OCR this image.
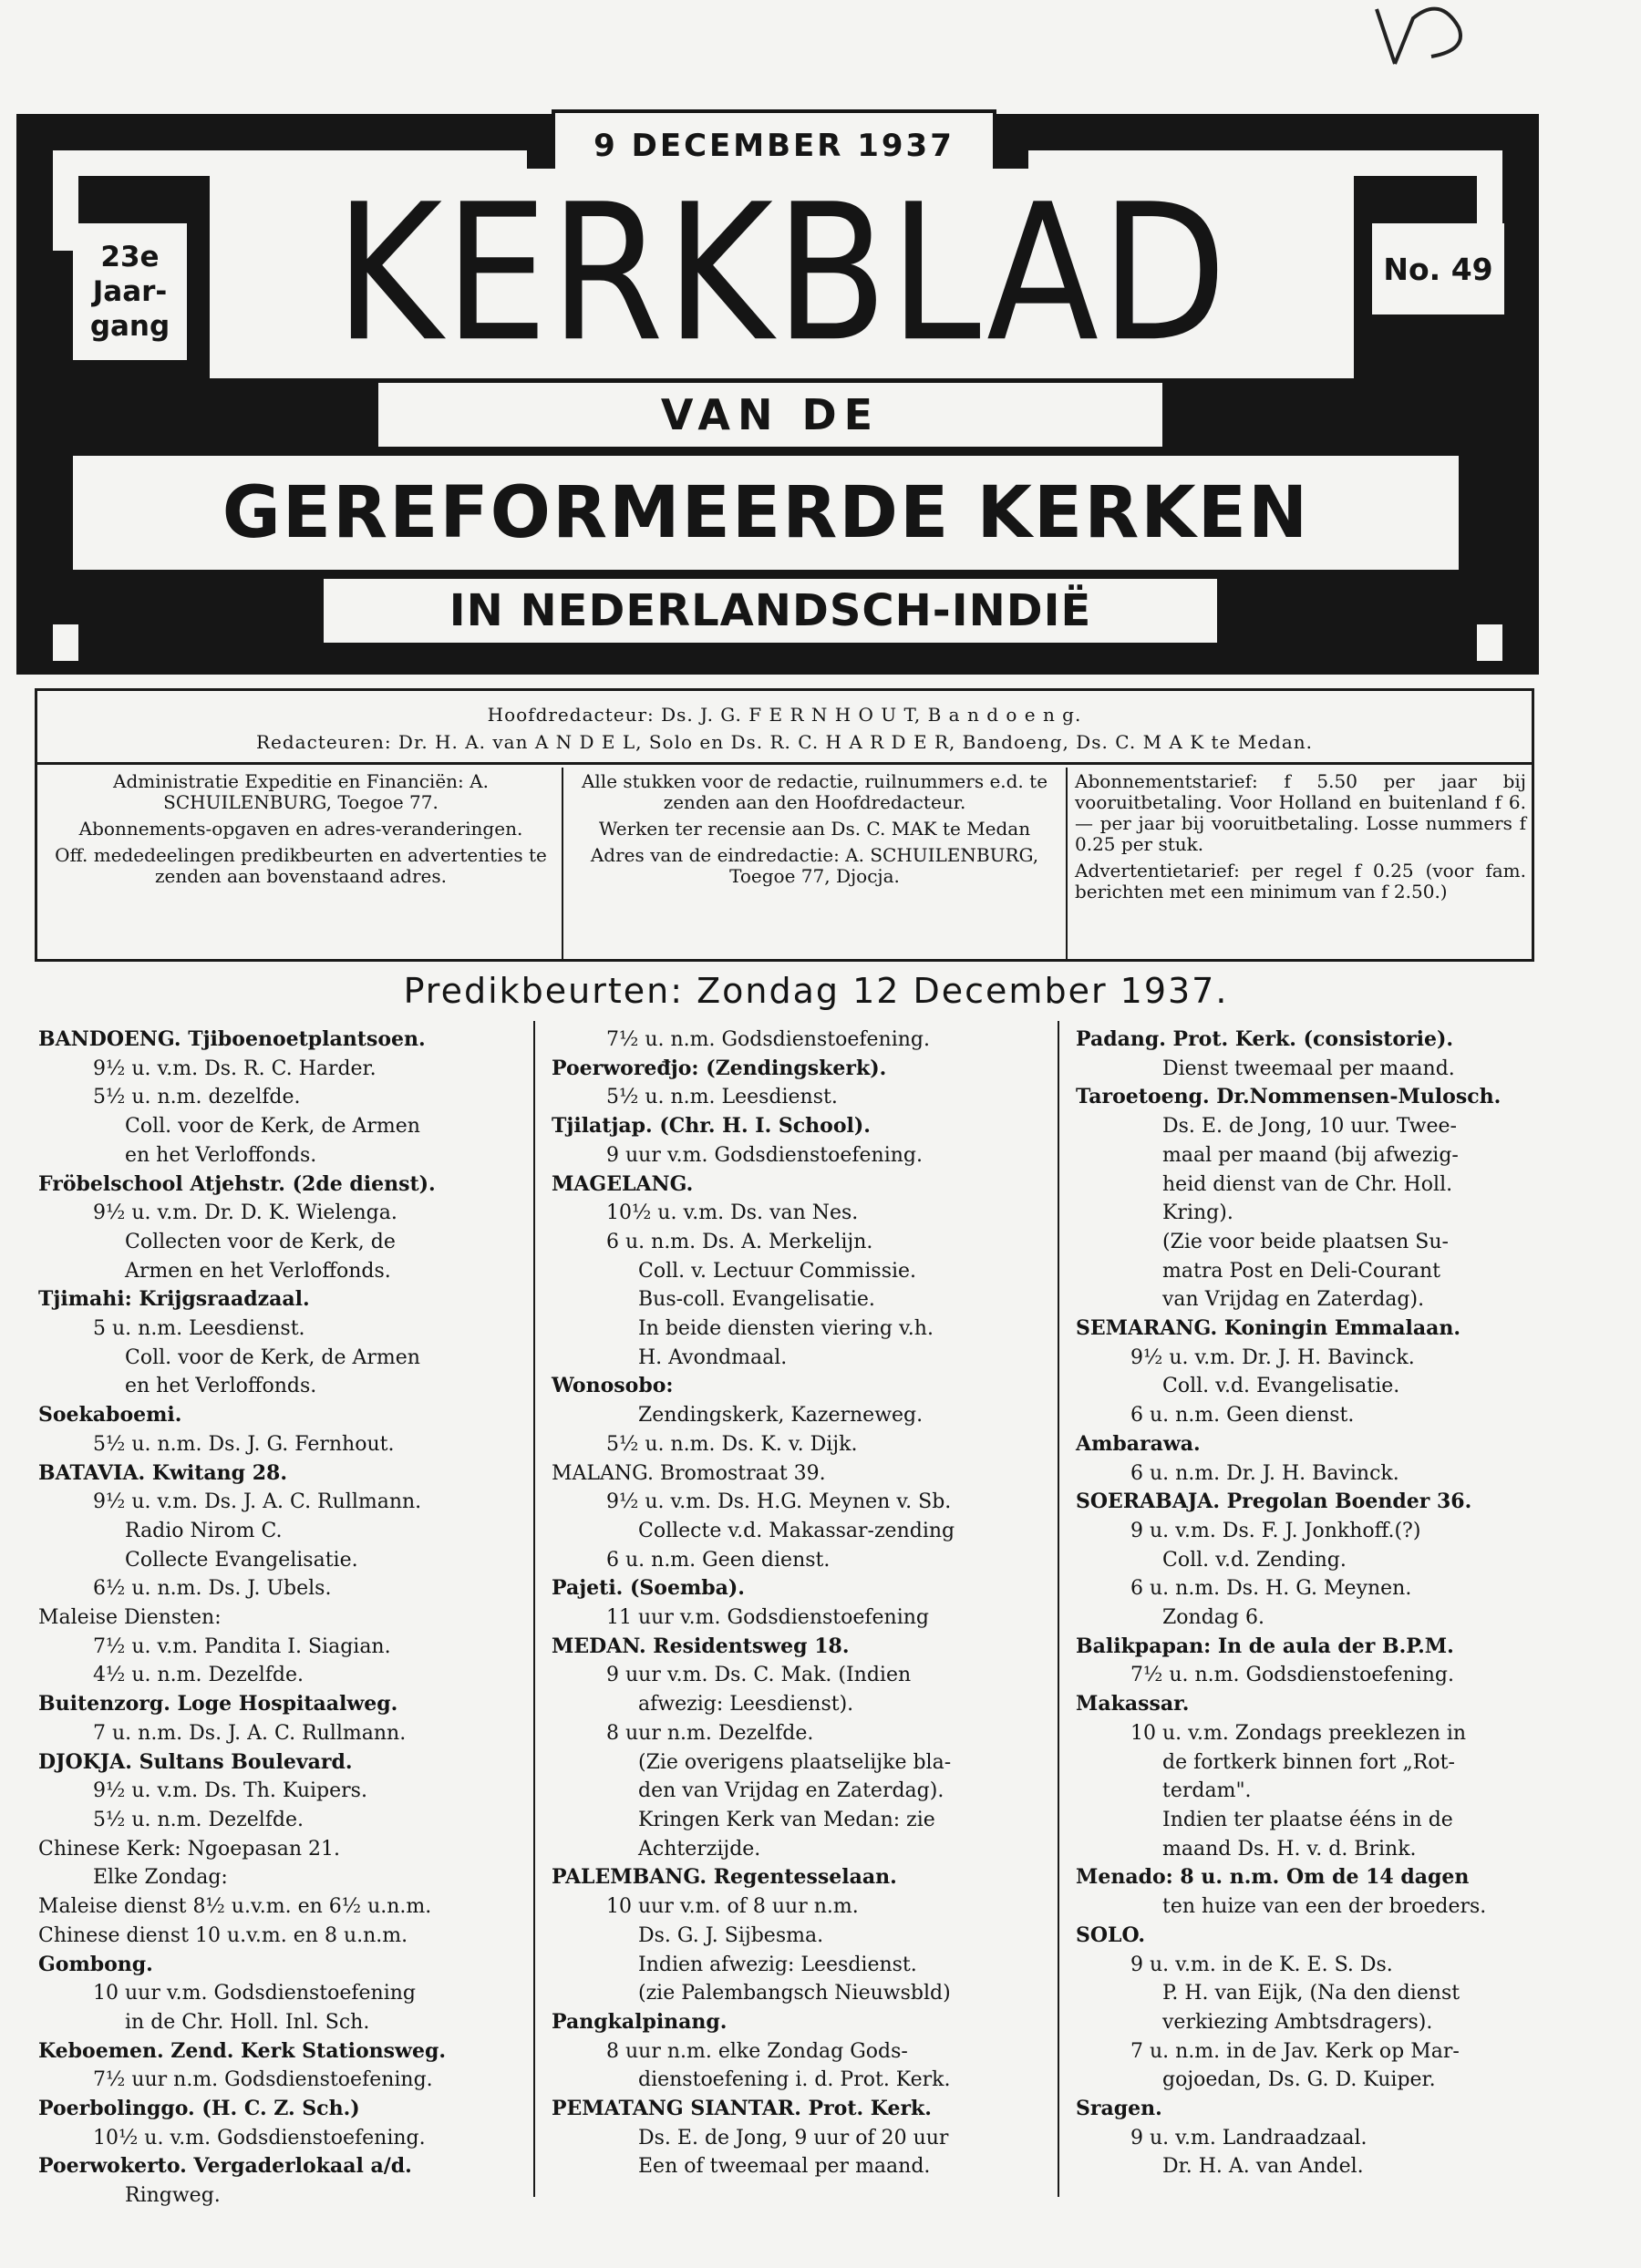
9 DECEMBER 1937
23e
Jaar-
gang
No. 49
KERKBLAD
VAN DE
GEREFORMEERDE KERKEN
IN NEDERLANDSCH-INDIË
Hoofdredacteur: Ds. J. G. F E R N H O U T, B a n d o e n g.
Redacteuren: Dr. H. A. van A N D E L, Solo en Ds. R. C. H A R D E R, Bandoeng, Ds. C. M A K te Medan.

Administratie Expeditie en Financiën: A. SCHUILENBURG, Toegoe 77.

Abonnements-opgaven en adres-veranderingen.

Off. mededeelingen predikbeurten en advertenties te zenden aan bovenstaand adres.

Alle stukken voor de redactie, ruilnummers e.d. te zenden aan den Hoofdredacteur.

Werken ter recensie aan Ds. C. MAK te Medan

Adres van de eindredactie: A. SCHUILENBURG, Toegoe 77, Djocja.

Abonnementstarief: f 5.50 per jaar bij vooruitbetaling. Voor Holland en buitenland f 6.— per jaar bij vooruitbetaling. Losse nummers f 0.25 per stuk.

Advertentietarief: per regel f 0.25 (voor fam. berichten met een minimum van f 2.50.)

Predikbeurten: Zondag 12 December 1937.
BANDOENG. Tjiboenoetplantsoen.
9½ u. v.m. Ds. R. C. Harder.
5½ u. n.m. dezelfde.
Coll. voor de Kerk, de Armen
en het Verloffonds.
Fröbelschool Atjehstr. (2de dienst).
9½ u. v.m. Dr. D. K. Wielenga.
Collecten voor de Kerk, de
Armen en het Verloffonds.
Tjimahi: Krijgsraadzaal.
5 u. n.m. Leesdienst.
Coll. voor de Kerk, de Armen
en het Verloffonds.
Soekaboemi.
5½ u. n.m. Ds. J. G. Fernhout.
BATAVIA. Kwitang 28.
9½ u. v.m. Ds. J. A. C. Rullmann.
Radio Nirom C.
Collecte Evangelisatie.
6½ u. n.m. Ds. J. Ubels.
Maleise Diensten:
7½ u. v.m. Pandita I. Siagian.
4½ u. n.m. Dezelfde.
Buitenzorg. Loge Hospitaalweg.
7 u. n.m. Ds. J. A. C. Rullmann.
DJOKJA. Sultans Boulevard.
9½ u. v.m. Ds. Th. Kuipers.
5½ u. n.m. Dezelfde.
Chinese Kerk: Ngoepasan 21.
Elke Zondag:
Maleise dienst 8½ u.v.m. en 6½ u.n.m.
Chinese dienst 10 u.v.m. en 8 u.n.m.
Gombong.
10 uur v.m. Godsdienstoefening
in de Chr. Holl. Inl. Sch.
Keboemen. Zend. Kerk Stationsweg.
7½ uur n.m. Godsdienstoefening.
Poerbolinggo. (H. C. Z. Sch.)
10½ u. v.m. Godsdienstoefening.
Poerwokerto. Vergaderlokaal a/d.
Ringweg.
7½ u. n.m. Godsdienstoefening.
Poerwoređjo: (Zendingskerk).
5½ u. n.m. Leesdienst.
Tjilatjap. (Chr. H. I. School).
9 uur v.m. Godsdienstoefening.
MAGELANG.
10½ u. v.m. Ds. van Nes.
6 u. n.m. Ds. A. Merkelijn.
Coll. v. Lectuur Commissie.
Bus-coll. Evangelisatie.
In beide diensten viering v.h.
H. Avondmaal.
Wonosobo:
Zendingskerk, Kazerneweg.
5½ u. n.m. Ds. K. v. Dijk.
MALANG. Bromostraat 39.
9½ u. v.m. Ds. H.G. Meynen v. Sb.
Collecte v.d. Makassar-zending
6 u. n.m. Geen dienst.
Pajeti. (Soemba).
11 uur v.m. Godsdienstoefening
MEDAN. Residentsweg 18.
9 uur v.m. Ds. C. Mak. (Indien
afwezig: Leesdienst).
8 uur n.m. Dezelfde.
(Zie overigens plaatselijke bla-
den van Vrijdag en Zaterdag).
Kringen Kerk van Medan: zie
Achterzijde.
PALEMBANG. Regentesselaan.
10 uur v.m. of 8 uur n.m.
Ds. G. J. Sijbesma.
Indien afwezig: Leesdienst.
(zie Palembangsch Nieuwsbld)
Pangkalpinang.
8 uur n.m. elke Zondag Gods-
dienstoefening i. d. Prot. Kerk.
PEMATANG SIANTAR. Prot. Kerk.
Ds. E. de Jong, 9 uur of 20 uur
Een of tweemaal per maand.
Padang. Prot. Kerk. (consistorie).
Dienst tweemaal per maand.
Taroetoeng. Dr.Nommensen-Mulosch.
Ds. E. de Jong, 10 uur. Twee-
maal per maand (bij afwezig-
heid dienst van de Chr. Holl.
Kring).
(Zie voor beide plaatsen Su-
matra Post en Deli-Courant
van Vrijdag en Zaterdag).
SEMARANG. Koningin Emmalaan.
9½ u. v.m. Dr. J. H. Bavinck.
Coll. v.d. Evangelisatie.
6 u. n.m. Geen dienst.
Ambarawa.
6 u. n.m. Dr. J. H. Bavinck.
SOERABAJA. Pregolan Boender 36.
9 u. v.m. Ds. F. J. Jonkhoff.(?)
Coll. v.d. Zending.
6 u. n.m. Ds. H. G. Meynen.
Zondag 6.
Balikpapan: In de aula der B.P.M.
7½ u. n.m. Godsdienstoefening.
Makassar.
10 u. v.m. Zondags preeklezen in
de fortkerk binnen fort „Rot-
terdam".
Indien ter plaatse ééns in de
maand Ds. H. v. d. Brink.
Menado: 8 u. n.m. Om de 14 dagen
ten huize van een der broeders.
SOLO.
9 u. v.m. in de K. E. S. Ds.
P. H. van Eijk, (Na den dienst
verkiezing Ambtsdragers).
7 u. n.m. in de Jav. Kerk op Mar-
gojoedan, Ds. G. D. Kuiper.
Sragen.
9 u. v.m. Landraadzaal.
Dr. H. A. van Andel.
